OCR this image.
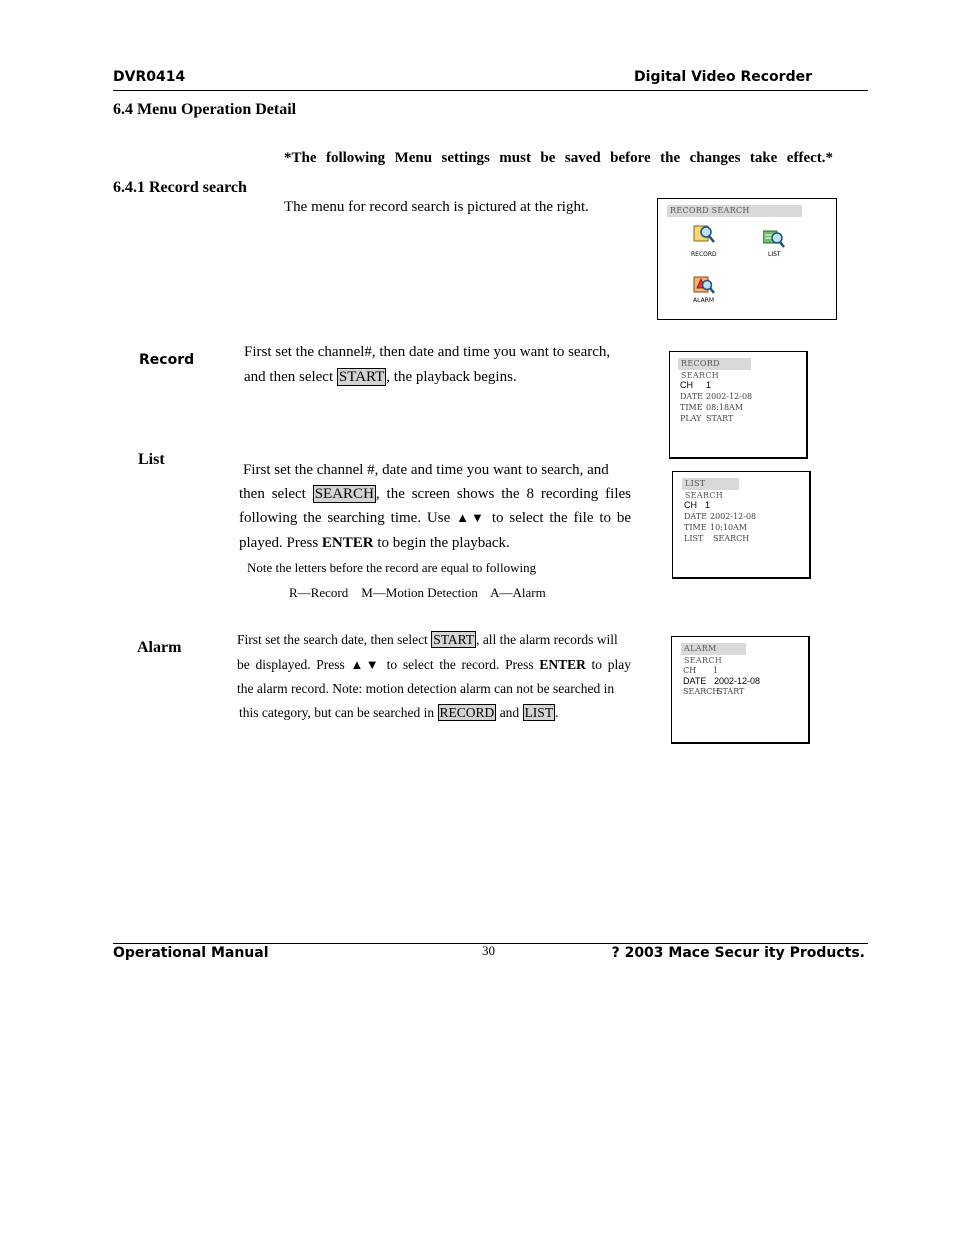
DVR0414	Digital Video Recorder
6.4 Menu Operation Detail
*The following Menu settings must be saved before the changes take effect.*
6.4.1 Record search
The menu for record search is pictured at the right.	RECORD SEARCH
RECORD	LIST
ALARM
Record	First set the channel#, then date and time you want to search,
and then select START , the playback begins.
RECORD SEARCH
CH 1
DATE 2002-12-08
TIME 08:18AM
PLAY START
List
First set the channel #, date and time you want to search, and
then select SEARCH , the screen shows the 8 recording files
following the searching time. Use ▲▼ to select the file to be
played. Press ENTER to begin the playback.
Note the letters before the record are equal to following
R—Record    M—Motion Detection    A—Alarm
LIST SEARCH
CH 1
DATE 2002-12-08
TIME 10:10AM
LIST SEARCH
Alarm	First set the search date, then select START , all the alarm records will
be displayed. Press ▲▼ to select the record. Press ENTER to play
the alarm record. Note: motion detection alarm can not be searched in
this category, but can be searched in RECORD and LIST .
ALARM SEARCH
CH 1
DATE 2002-12-08
SEARCH
START
Operational Manual	30	? 2003 Mace Secur ity Products.
